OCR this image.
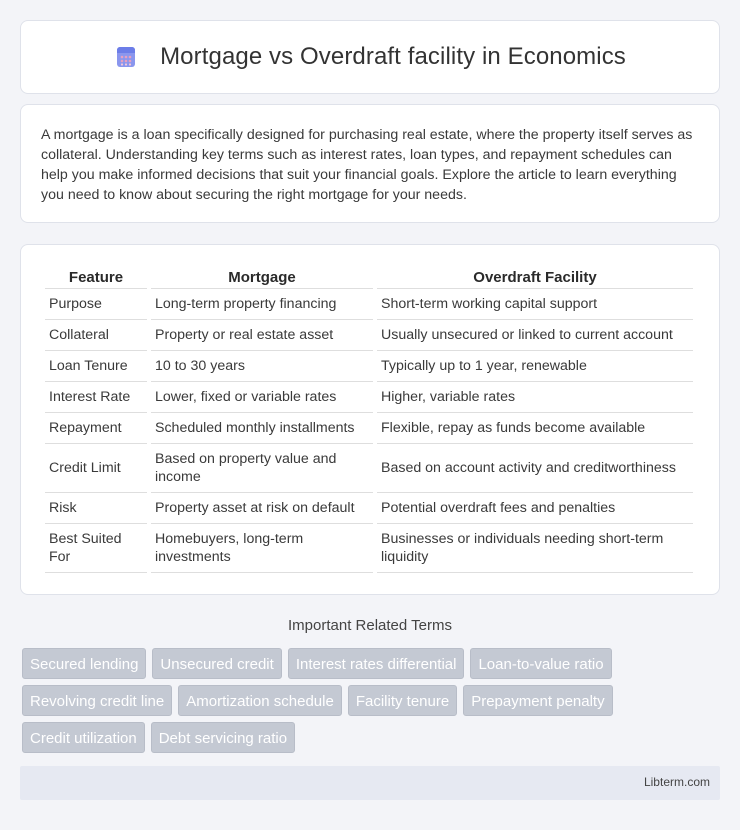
Mortgage vs Overdraft facility in Economics

A mortgage is a loan specifically designed for purchasing real estate, where the property itself serves as collateral. Understanding key terms such as interest rates, loan types, and repayment schedules can help you make informed decisions that suit your financial goals. Explore the article to learn everything you need to know about securing the right mortgage for your needs.

Feature	Mortgage	Overdraft Facility
Purpose	Long-term property financing	Short-term working capital support
Collateral	Property or real estate asset	Usually unsecured or linked to current account
Loan Tenure	10 to 30 years	Typically up to 1 year, renewable
Interest Rate	Lower, fixed or variable rates	Higher, variable rates
Repayment	Scheduled monthly installments	Flexible, repay as funds become available
Credit Limit	Based on property value and income	Based on account activity and creditworthiness
Risk	Property asset at risk on default	Potential overdraft fees and penalties
Best Suited For	Homebuyers, long-term investments	Businesses or individuals needing short-term liquidity
Important Related Terms
Secured lending	Unsecured credit	Interest rates differential	Loan-to-value ratio
Revolving credit line	Amortization schedule	Facility tenure	Prepayment penalty
Credit utilization	Debt servicing ratio
Libterm.com
